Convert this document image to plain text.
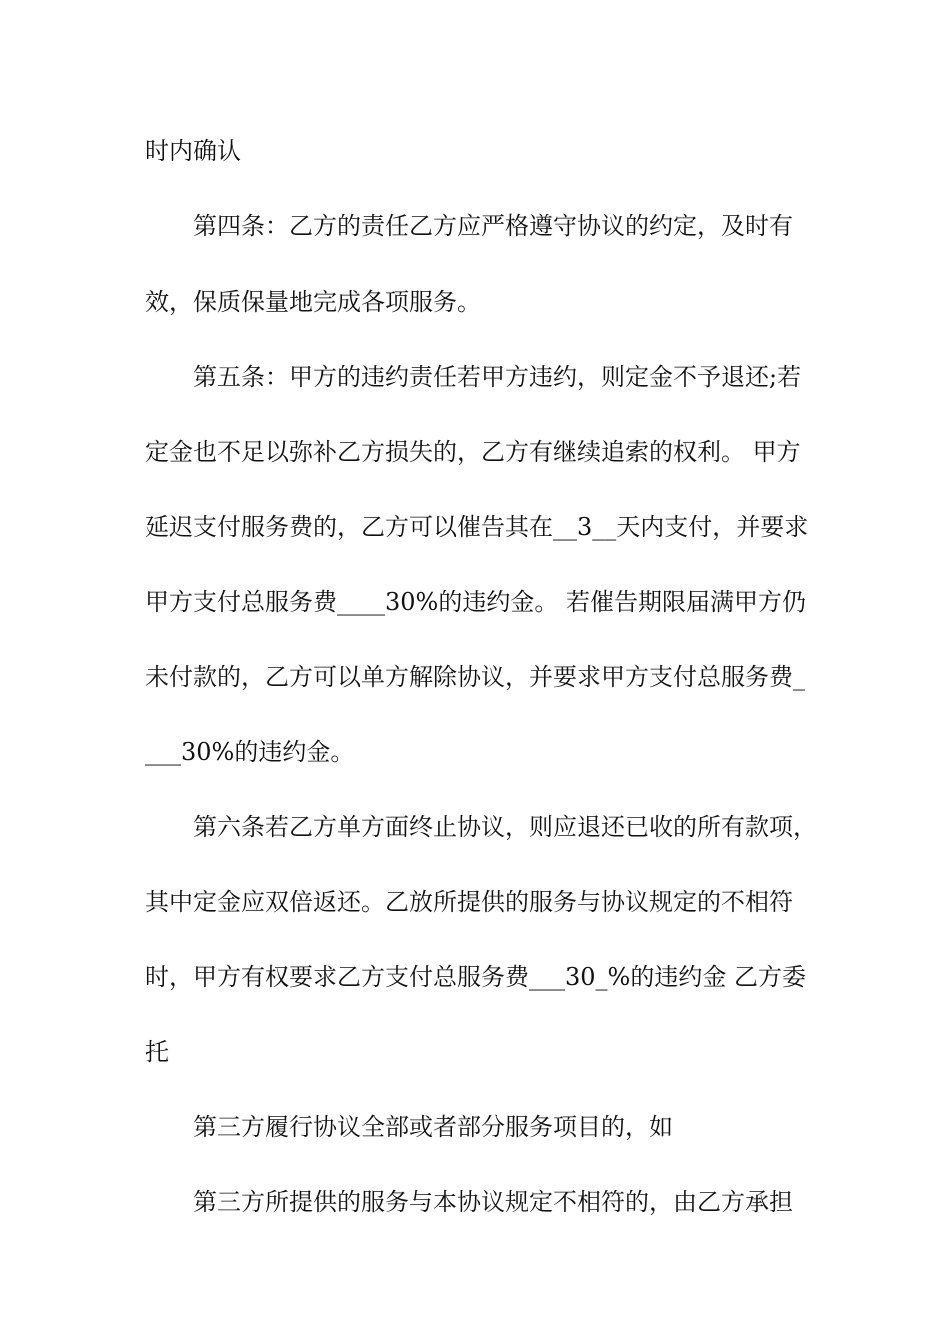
时内确认

第四条：乙方的责任乙方应严格遵守协议的约定，及时有

效，保质保量地完成各项服务。

第五条：甲方的违约责任若甲方违约，则定金不予退还;若

定金也不足以弥补乙方损失的，乙方有继续追索的权利。 甲方

延迟支付服务费的，乙方可以催告其在__3__天内支付，并要求

甲方支付总服务费____30%的违约金。 若催告期限届满甲方仍

未付款的，乙方可以单方解除协议，并要求甲方支付总服务费_

___30%的违约金。

第六条若乙方单方面终止协议，则应退还已收的所有款项，

其中定金应双倍返还。乙放所提供的服务与协议规定的不相符

时，甲方有权要求乙方支付总服务费___30_%的违约金 乙方委

托

第三方履行协议全部或者部分服务项目的，如

第三方所提供的服务与本协议规定不相符的，由乙方承担
